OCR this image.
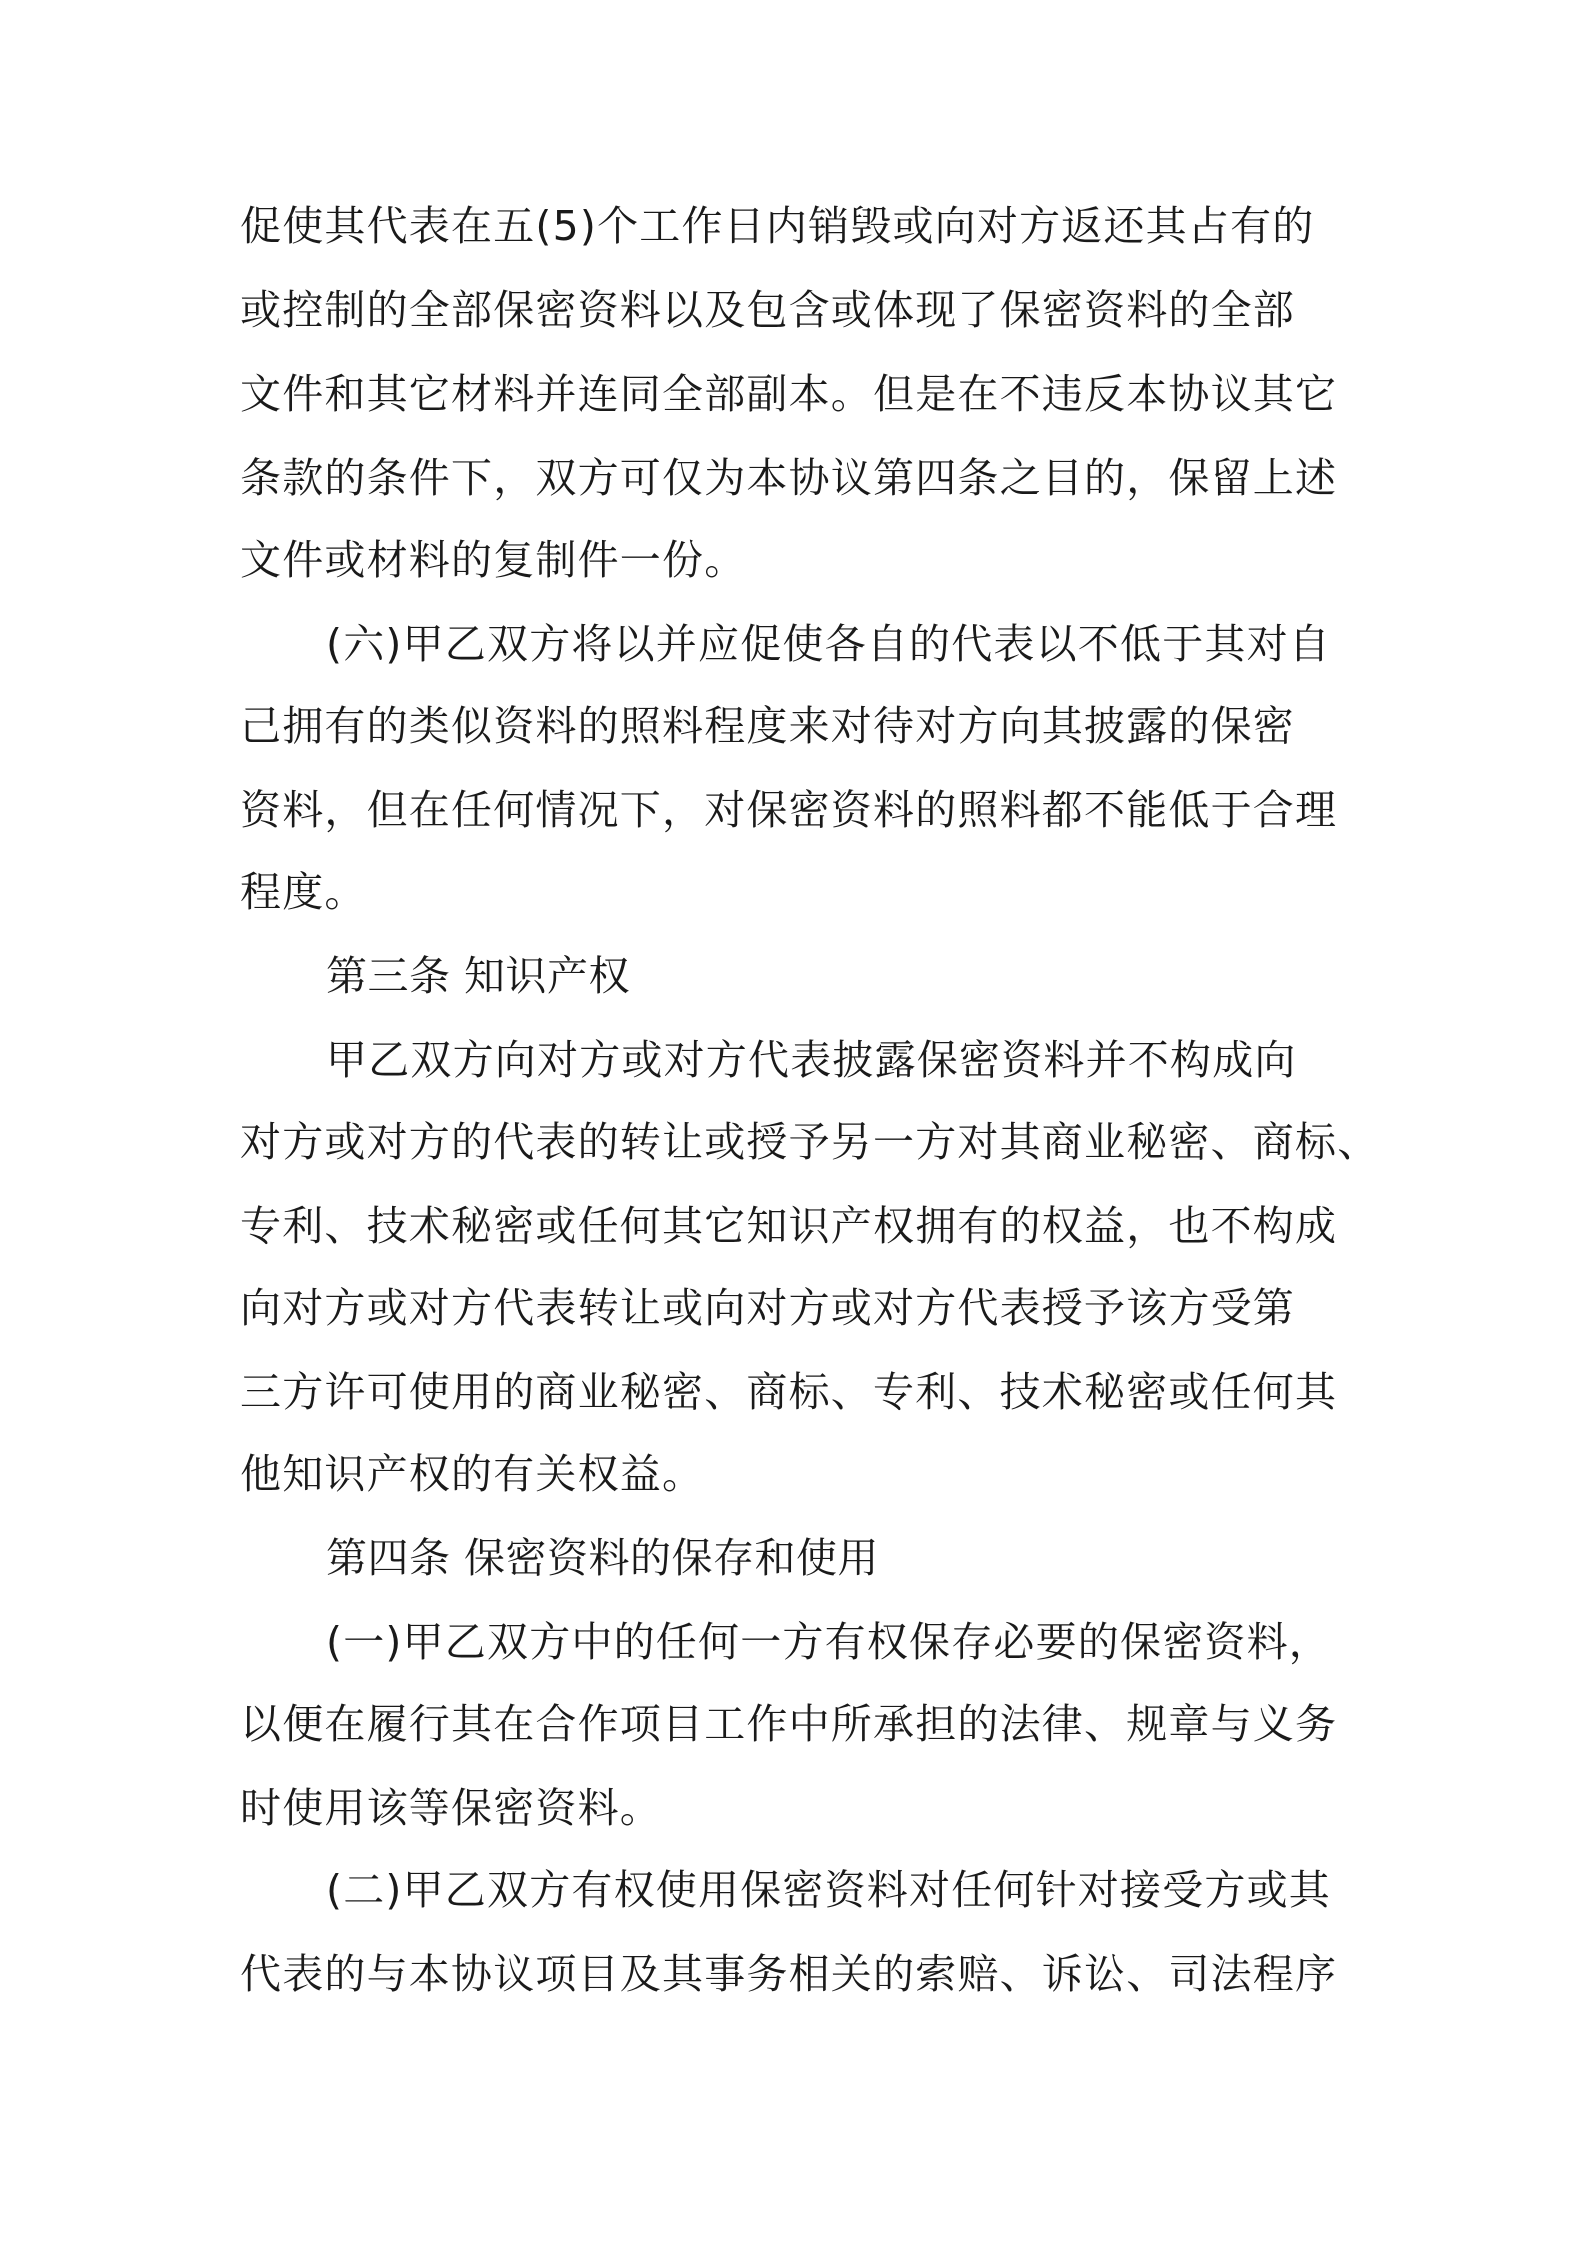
促使其代表在五(5)个工作日内销毁或向对方返还其占有的
或控制的全部保密资料以及包含或体现了保密资料的全部
文件和其它材料并连同全部副本。但是在不违反本协议其它
条款的条件下，双方可仅为本协议第四条之目的，保留上述
文件或材料的复制件一份。
(六)甲乙双方将以并应促使各自的代表以不低于其对自
己拥有的类似资料的照料程度来对待对方向其披露的保密
资料，但在任何情况下，对保密资料的照料都不能低于合理
程度。
第三条 知识产权
甲乙双方向对方或对方代表披露保密资料并不构成向
对方或对方的代表的转让或授予另一方对其商业秘密、商标、
专利、技术秘密或任何其它知识产权拥有的权益，也不构成
向对方或对方代表转让或向对方或对方代表授予该方受第
三方许可使用的商业秘密、商标、专利、技术秘密或任何其
他知识产权的有关权益。
第四条 保密资料的保存和使用
(一)甲乙双方中的任何一方有权保存必要的保密资料，
以便在履行其在合作项目工作中所承担的法律、规章与义务
时使用该等保密资料。
(二)甲乙双方有权使用保密资料对任何针对接受方或其
代表的与本协议项目及其事务相关的索赔、诉讼、司法程序
